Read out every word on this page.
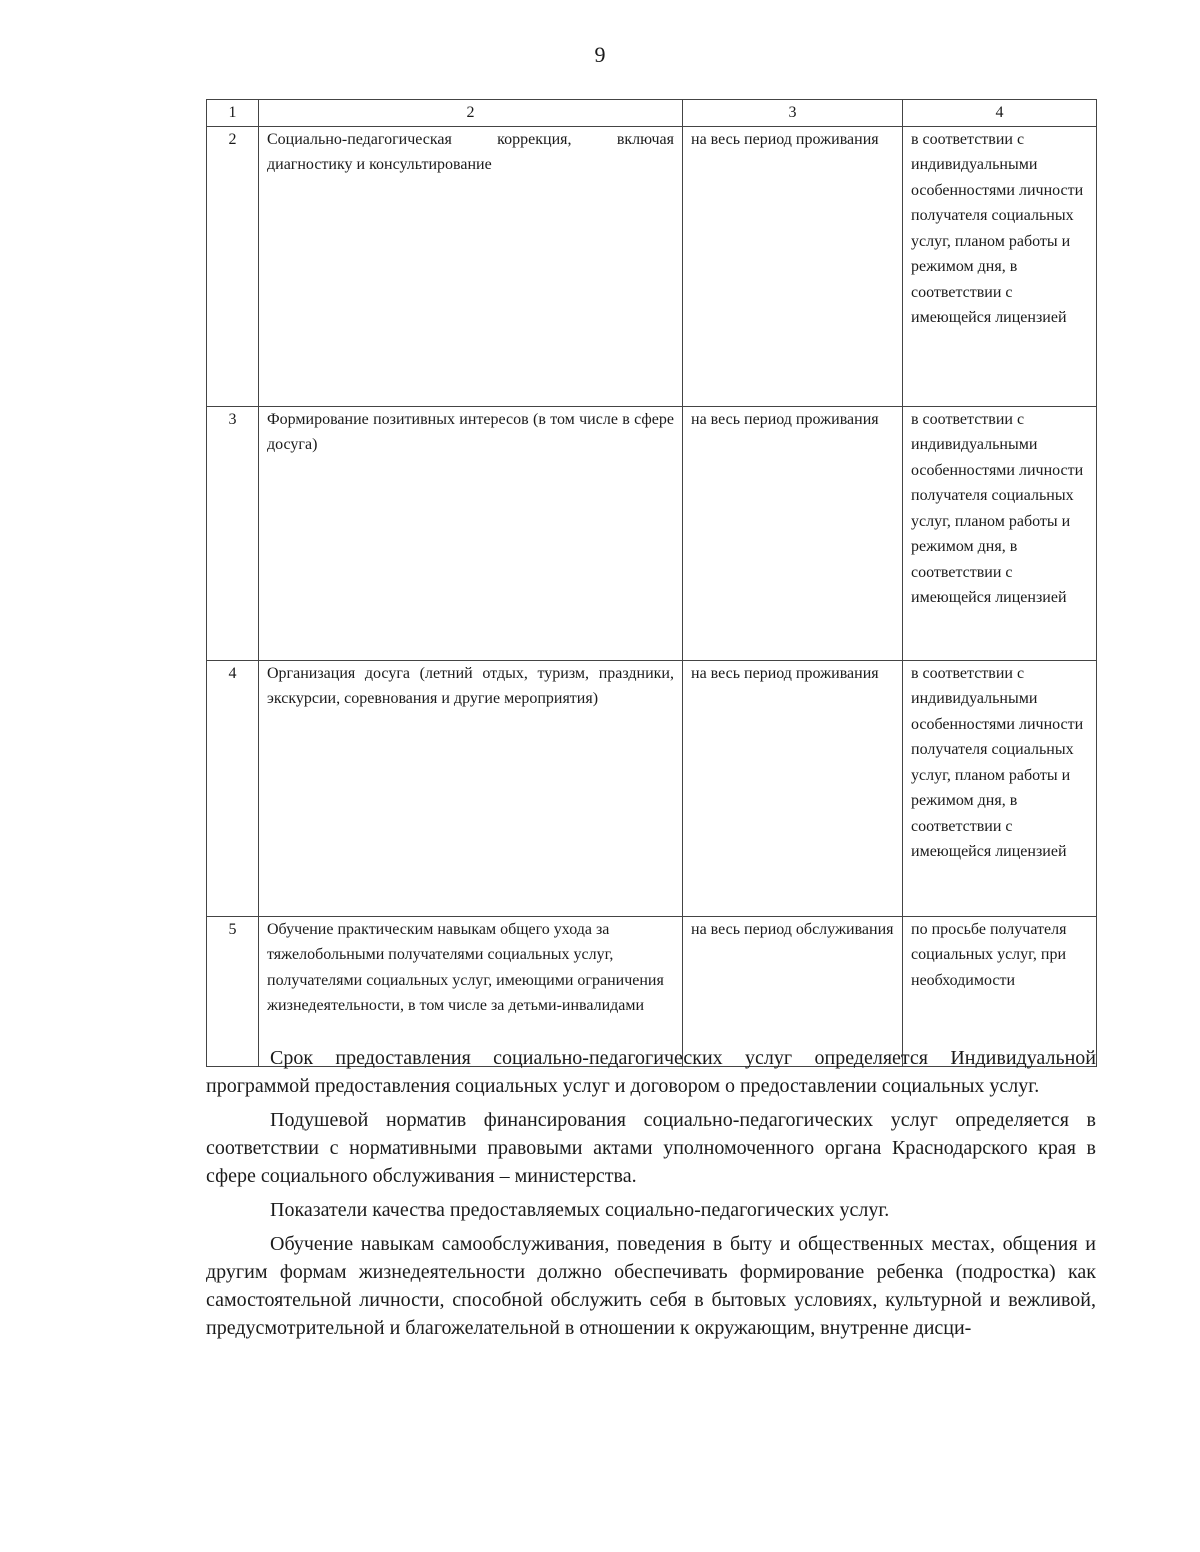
9
1	2	3	4
2	Социально-педагогическая коррекция, включая диагностику и консультирование	на весь период проживания	в соответствии с индивидуальными особенностями личности получателя социальных услуг, планом работы и режимом дня, в соответствии с имеющейся лицензией

3	Формирование позитивных интересов (в том числе в сфере досуга)	на весь период проживания	в соответствии с индивидуальными особенностями личности получателя социальных услуг, планом работы и режимом дня, в соответствии с имеющейся лицензией

4	Организация досуга (летний отдых, туризм, праздники, экскурсии, соревнования и другие мероприятия)	на весь период проживания	в соответствии с индивидуальными особенностями личности получателя социальных услуг, планом работы и режимом дня, в соответствии с имеющейся лицензией

5	Обучение практическим навыкам общего ухода за тяжелобольными получателями социальных услуг, получателями социальных услуг, имеющими ограничения жизнедеятельности, в том числе за детьми-инвалидами	на весь период обслуживания	по просьбе получателя социальных услуг, при необходимости

Срок предоставления социально-педагогических услуг определяется Индивидуальной программой предоставления социальных услуг и договором о предоставлении социальных услуг.

Подушевой норматив финансирования социально-педагогических услуг определяется в соответствии с нормативными правовыми актами уполномоченного органа Краснодарского края в сфере социального обслуживания – министерства.

Показатели качества предоставляемых социально-педагогических услуг.

Обучение навыкам самообслуживания, поведения в быту и общественных местах, общения и другим формам жизнедеятельности должно обеспечивать формирование ребенка (подростка) как самостоятельной личности, способной обслужить себя в бытовых условиях, культурной и вежливой, предусмотрительной и благожелательной в отношении к окружающим, внутренне дисци-
